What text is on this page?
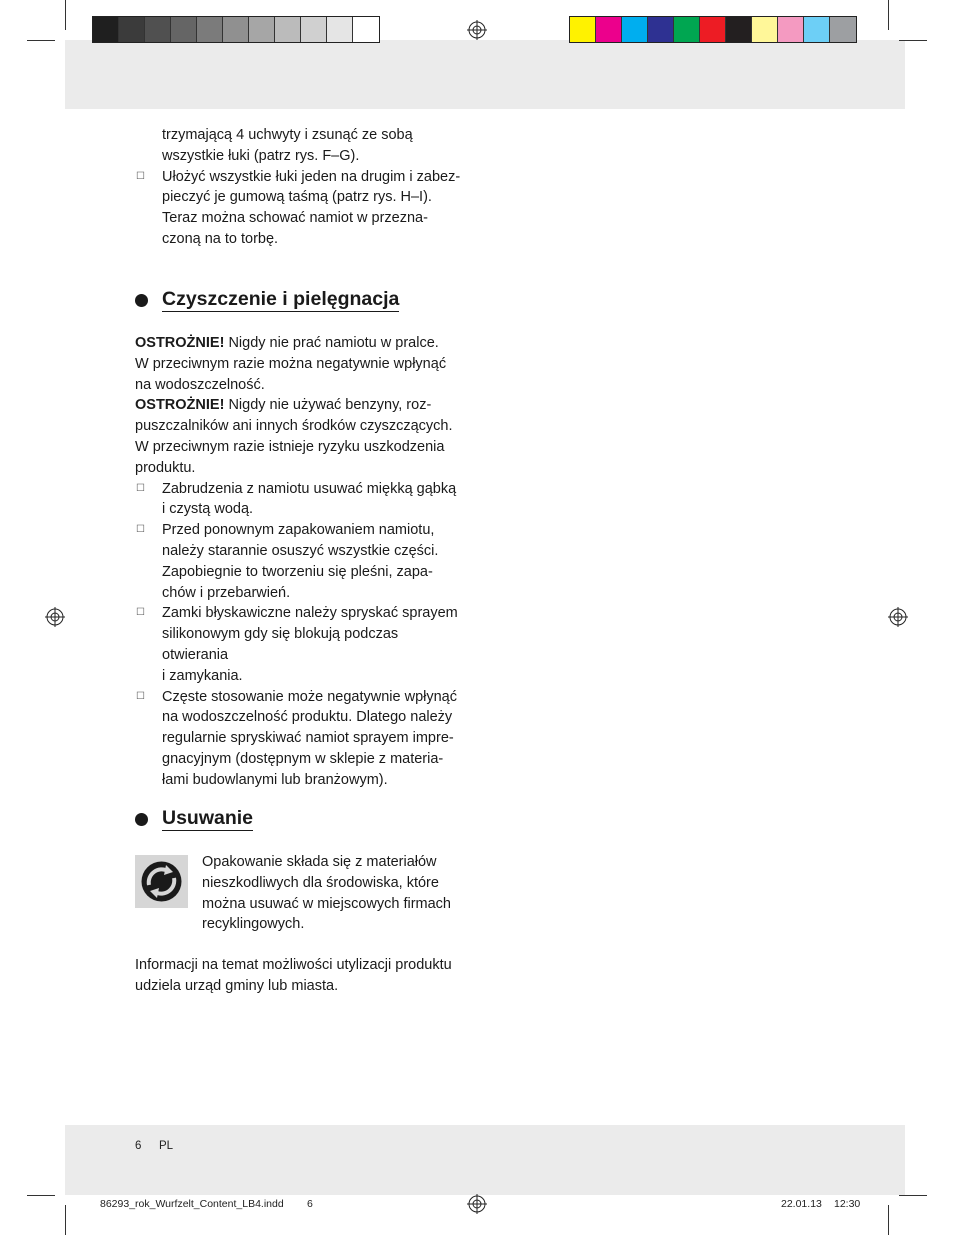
trzymającą 4 uchwyty i zsunąć ze sobą
wszystkie łuki (patrz rys. F–G).

☐ Ułożyć wszystkie łuki jeden na drugim i zabez-
pieczyć je gumową taśmą (patrz rys. H–I).
Teraz można schować namiot w przezna-
czoną na to torbę.

Czyszczenie i pielęgnacja

OSTROŻNIE! Nigdy nie prać namiotu w pralce.
W przeciwnym razie można negatywnie wpłynąć
na wodoszczelność.
OSTROŻNIE! Nigdy nie używać benzyny, roz-
puszczalników ani innych środków czyszczących.
W przeciwnym razie istnieje ryzyku uszkodzenia
produktu.

☐ Zabrudzenia z namiotu usuwać miękką gąbką
i czystą wodą.

☐ Przed ponownym zapakowaniem namiotu,
należy starannie osuszyć wszystkie części.
Zapobiegnie to tworzeniu się pleśni, zapa-
chów i przebarwień.

☐ Zamki błyskawiczne należy spryskać sprayem
silikonowym gdy się blokują podczas otwierania
i zamykania.

☐ Częste stosowanie może negatywnie wpłynąć
na wodoszczelność produktu. Dlatego należy
regularnie spryskiwać namiot sprayem impre-
gnacyjnym (dostępnym w sklepie z materia-
łami budowlanymi lub branżowym).

Usuwanie

Opakowanie składa się z materiałów
nieszkodliwych dla środowiska, które
można usuwać w miejscowych firmach
recyklingowych.

Informacji na temat możliwości utylizacji produktu
udziela urząd gminy lub miasta.

6 PL
86293_rok_Wurfzelt_Content_LB4.indd 6	22.01.13 12:30
